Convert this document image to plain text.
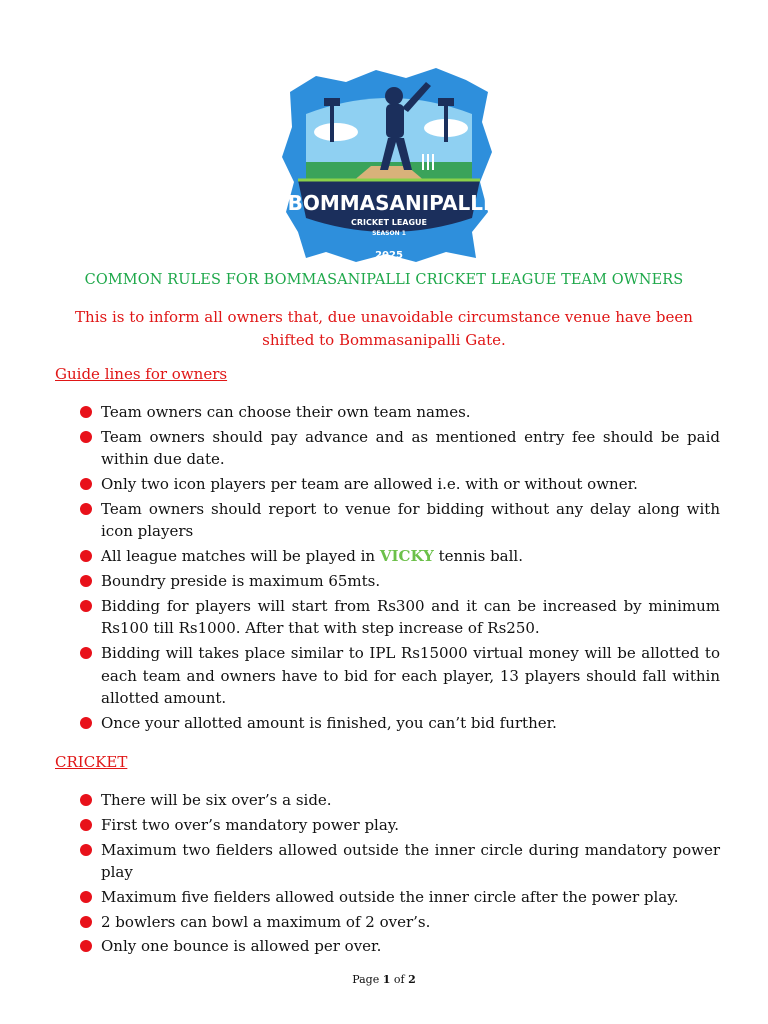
BOMMASANIPALLI
CRICKET LEAGUE
SEASON 1
2025
COMMON RULES FOR BOMMASANIPALLI CRICKET LEAGUE TEAM OWNERS
This is to inform all owners that, due unavoidable circumstance venue have been shifted to Bommasanipalli Gate.
Guide lines for owners
Team owners can choose their own team names.
Team owners should pay advance and as mentioned entry fee should be paid within due date.
Only two icon players per team are allowed i.e. with or without owner.
Team owners should report to venue for bidding without any delay along with icon players
All league matches will be played in VICKY tennis ball.
Boundry preside is maximum 65mts.
Bidding for players will start from Rs300 and it can be increased by minimum Rs100 till Rs1000. After that with step increase of Rs250.
Bidding will takes place similar to IPL Rs15000 virtual money will be allotted to each team and owners have to bid for each player, 13 players should fall within allotted amount.
Once your allotted amount is finished, you can’t bid further.
CRICKET
There will be six over’s a side.
First two over’s mandatory power play.
Maximum two fielders allowed outside the inner circle during mandatory power play
Maximum five fielders allowed outside the inner circle after the power play.
2 bowlers can bowl a maximum of 2 over’s.
Only one bounce is allowed per over.
Page 1 of 2
